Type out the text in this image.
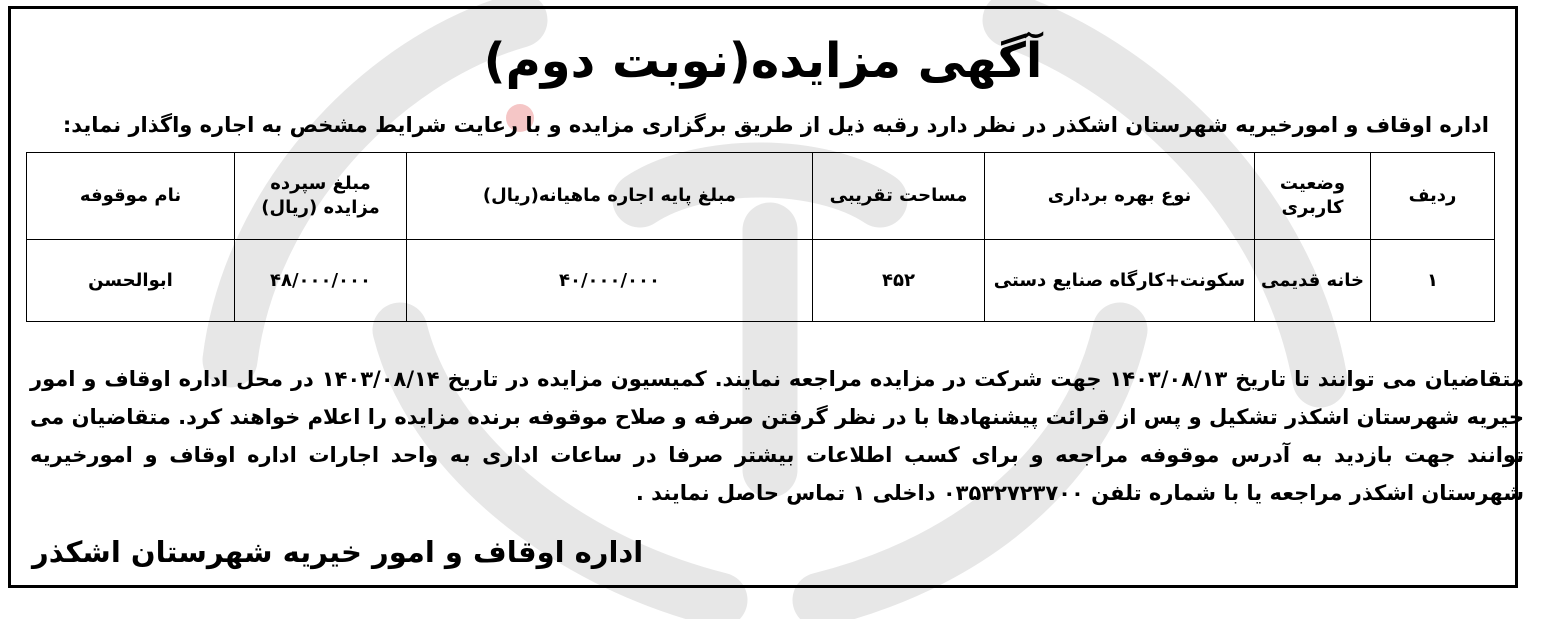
آگهی مزایده(نوبت دوم)
اداره اوقاف و امورخیریه شهرستان اشکذر در نظر دارد رقبه ذیل از طریق برگزاری مزایده و با رعایت شرایط مشخص به اجاره واگذار نماید:
ردیف	وضعیت کاربری	نوع بهره برداری	مساحت تقریبی	مبلغ پایه اجاره ماهیانه(ریال)	مبلغ سپرده مزایده (ریال)	نام موقوفه
۱	خانه قدیمی	سکونت+کارگاه صنایع دستی	۴۵۲	۴۰/۰۰۰/۰۰۰	۴۸/۰۰۰/۰۰۰	ابوالحسن
متقاضیان می توانند تا تاریخ ۱۴۰۳/۰۸/۱۳ جهت شرکت در مزایده مراجعه نمایند. کمیسیون مزایده در تاریخ ۱۴۰۳/۰۸/۱۴ در محل اداره اوقاف و امور خیریه شهرستان اشکذر تشکیل و پس از قرائت پیشنهادها با در نظر گرفتن صرفه و صلاح موقوفه برنده مزایده را اعلام خواهند کرد. متقاضیان می توانند جهت بازدید به آدرس موقوفه مراجعه و برای کسب اطلاعات بیشتر صرفا در ساعات اداری به واحد اجارات اداره اوقاف و امورخیریه شهرستان اشکذر مراجعه یا با شماره تلفن ۰۳۵۳۲۷۲۳۷۰۰ داخلی ۱ تماس حاصل نمایند .
اداره اوقاف و امور خیریه شهرستان اشکذر
